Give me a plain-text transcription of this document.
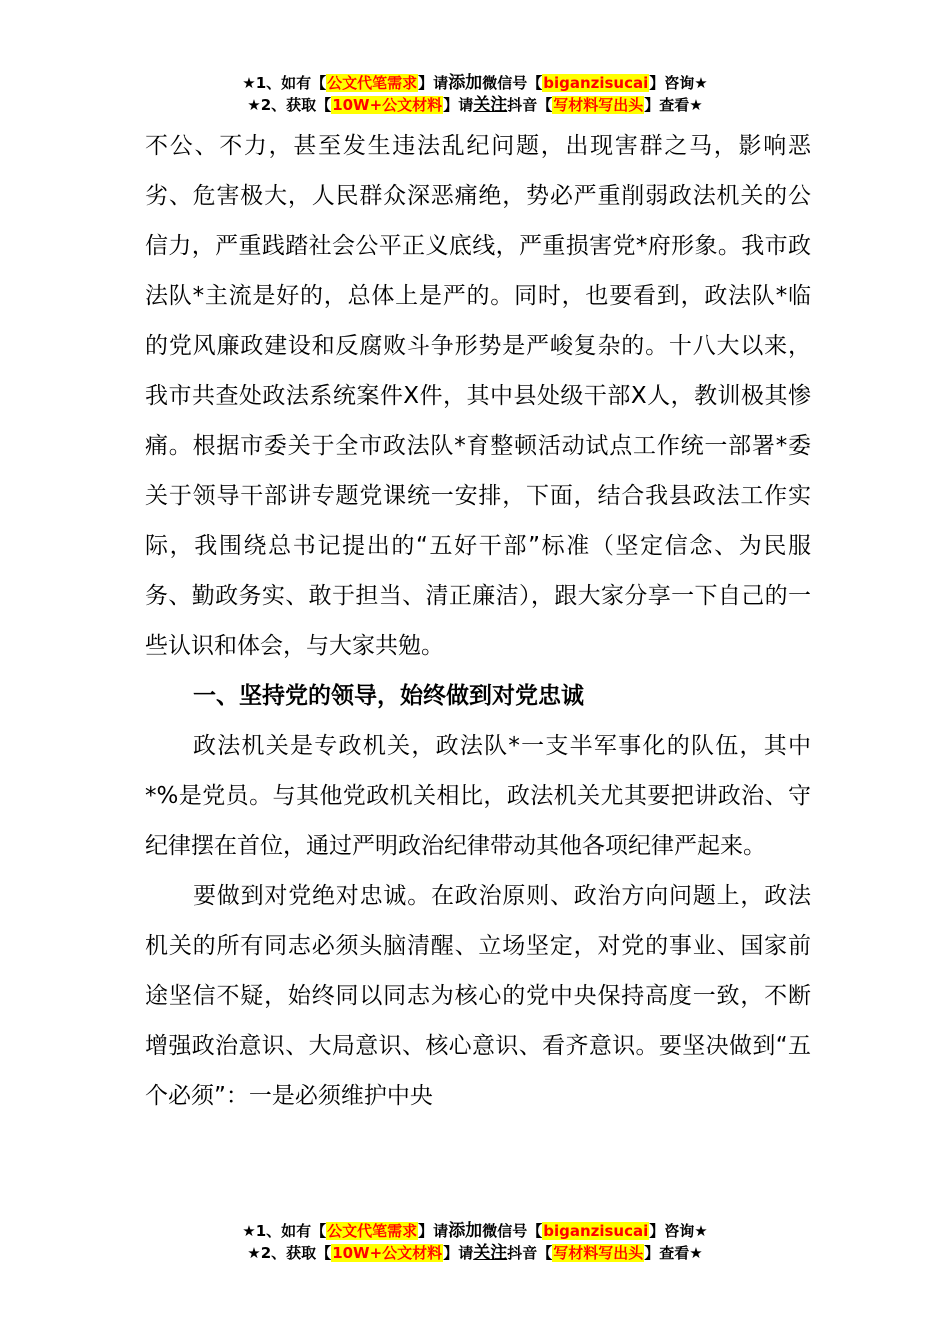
★1、如有【公文代笔需求】请添加微信号【biganzisucai】咨询★
★2、获取【10W+公文材料】请关注抖音【写材料写出头】查看★

不公、不力，甚至发生违法乱纪问题，出现害群之马，影响恶劣、危害极大，人民群众深恶痛绝，势必严重削弱政法机关的公信力，严重践踏社会公平正义底线，严重损害党*府形象。我市政法队*主流是好的，总体上是严的。同时，也要看到，政法队*临的党风廉政建设和反腐败斗争形势是严峻复杂的。十八大以来，我市共查处政法系统案件X件，其中县处级干部X人，教训极其惨痛。根据市委关于全市政法队*育整顿活动试点工作统一部署*委关于领导干部讲专题党课统一安排，下面，结合我县政法工作实际，我围绕总书记提出的“五好干部”标准（坚定信念、为民服务、勤政务实、敢于担当、清正廉洁），跟大家分享一下自己的一些认识和体会，与大家共勉。

一、坚持党的领导，始终做到对党忠诚

政法机关是专政机关，政法队*一支半军事化的队伍，其中*%是党员。与其他党政机关相比，政法机关尤其要把讲政治、守纪律摆在首位，通过严明政治纪律带动其他各项纪律严起来。

要做到对党绝对忠诚。在政治原则、政治方向问题上，政法机关的所有同志必须头脑清醒、立场坚定，对党的事业、国家前途坚信不疑，始终同以同志为核心的党中央保持高度一致，不断增强政治意识、大局意识、核心意识、看齐意识。要坚决做到“五个必须”：一是必须维护中央

★1、如有【公文代笔需求】请添加微信号【biganzisucai】咨询★
★2、获取【10W+公文材料】请关注抖音【写材料写出头】查看★
